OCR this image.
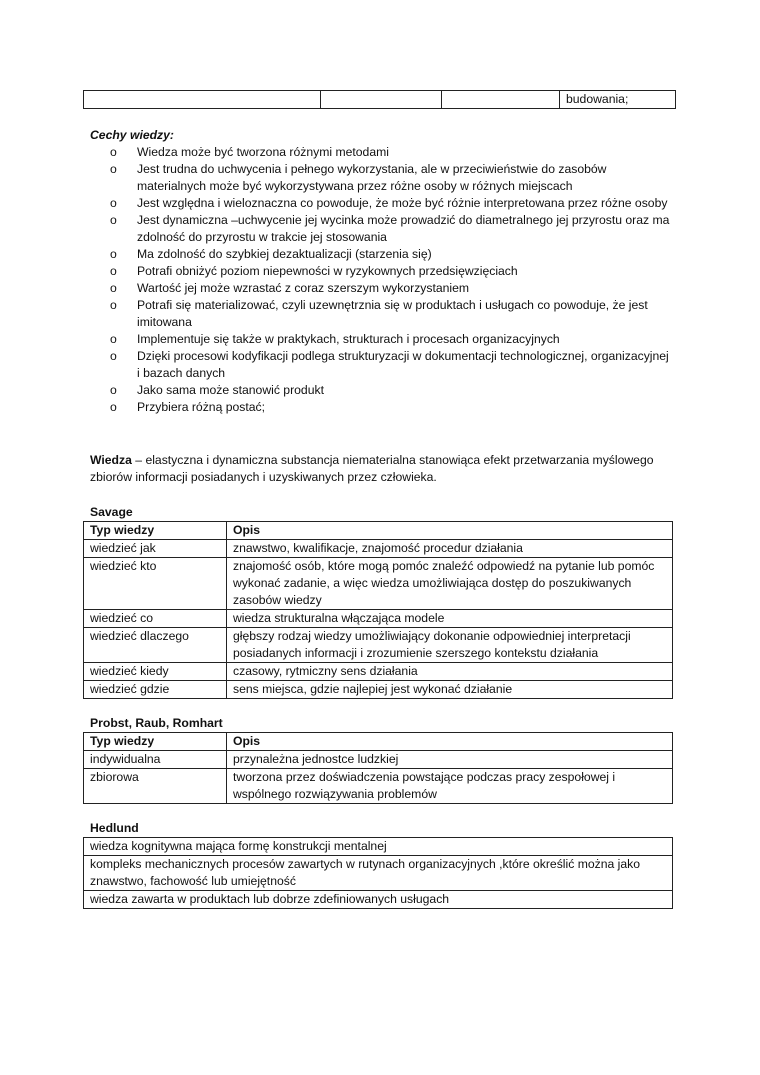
			budowania;
Cechy wiedzy:
o Wiedza może być tworzona różnymi metodami
o Jest trudna do uchwycenia i pełnego wykorzystania, ale w przeciwieństwie do zasobów materialnych może być wykorzystywana przez różne osoby w różnych miejscach
o Jest względna i wieloznaczna co powoduje, że może być różnie interpretowana przez różne osoby
o Jest dynamiczna –uchwycenie jej wycinka może prowadzić do diametralnego jej przyrostu oraz ma zdolność do przyrostu w trakcie jej stosowania
o Ma zdolność do szybkiej dezaktualizacji (starzenia się)
o Potrafi obniżyć poziom niepewności w ryzykownych przedsięwzięciach
o Wartość jej może wzrastać z coraz szerszym wykorzystaniem
o Potrafi się materializować, czyli uzewnętrznia się w produktach i usługach co powoduje, że jest imitowana
o Implementuje się także w praktykach, strukturach i procesach organizacyjnych
o Dzięki procesowi kodyfikacji podlega strukturyzacji w dokumentacji technologicznej, organizacyjnej i bazach danych
o Jako sama może stanowić produkt
o Przybiera różną postać;
Wiedza – elastyczna i dynamiczna substancja niematerialna stanowiąca efekt przetwarzania myślowego zbiorów informacji posiadanych i uzyskiwanych przez człowieka.
Savage
Typ wiedzy	Opis
wiedzieć jak	znawstwo, kwalifikacje, znajomość procedur działania
wiedzieć kto	znajomość osób, które mogą pomóc znaleźć odpowiedź na pytanie lub pomóc wykonać zadanie, a więc wiedza umożliwiająca dostęp do poszukiwanych zasobów wiedzy
wiedzieć co	wiedza strukturalna włączająca modele
wiedzieć dlaczego	głębszy rodzaj wiedzy umożliwiający dokonanie odpowiedniej interpretacji posiadanych informacji i zrozumienie szerszego kontekstu działania
wiedzieć kiedy	czasowy, rytmiczny sens działania
wiedzieć gdzie	sens miejsca, gdzie najlepiej jest wykonać działanie
Probst, Raub, Romhart
Typ wiedzy	Opis
indywidualna	przynależna jednostce ludzkiej
zbiorowa	tworzona przez doświadczenia powstające podczas pracy zespołowej i wspólnego rozwiązywania problemów
Hedlund
wiedza kognitywna mająca formę konstrukcji mentalnej
kompleks mechanicznych procesów zawartych w rutynach organizacyjnych ,które określić można jako znawstwo, fachowość lub umiejętność
wiedza zawarta w produktach lub dobrze zdefiniowanych usługach
